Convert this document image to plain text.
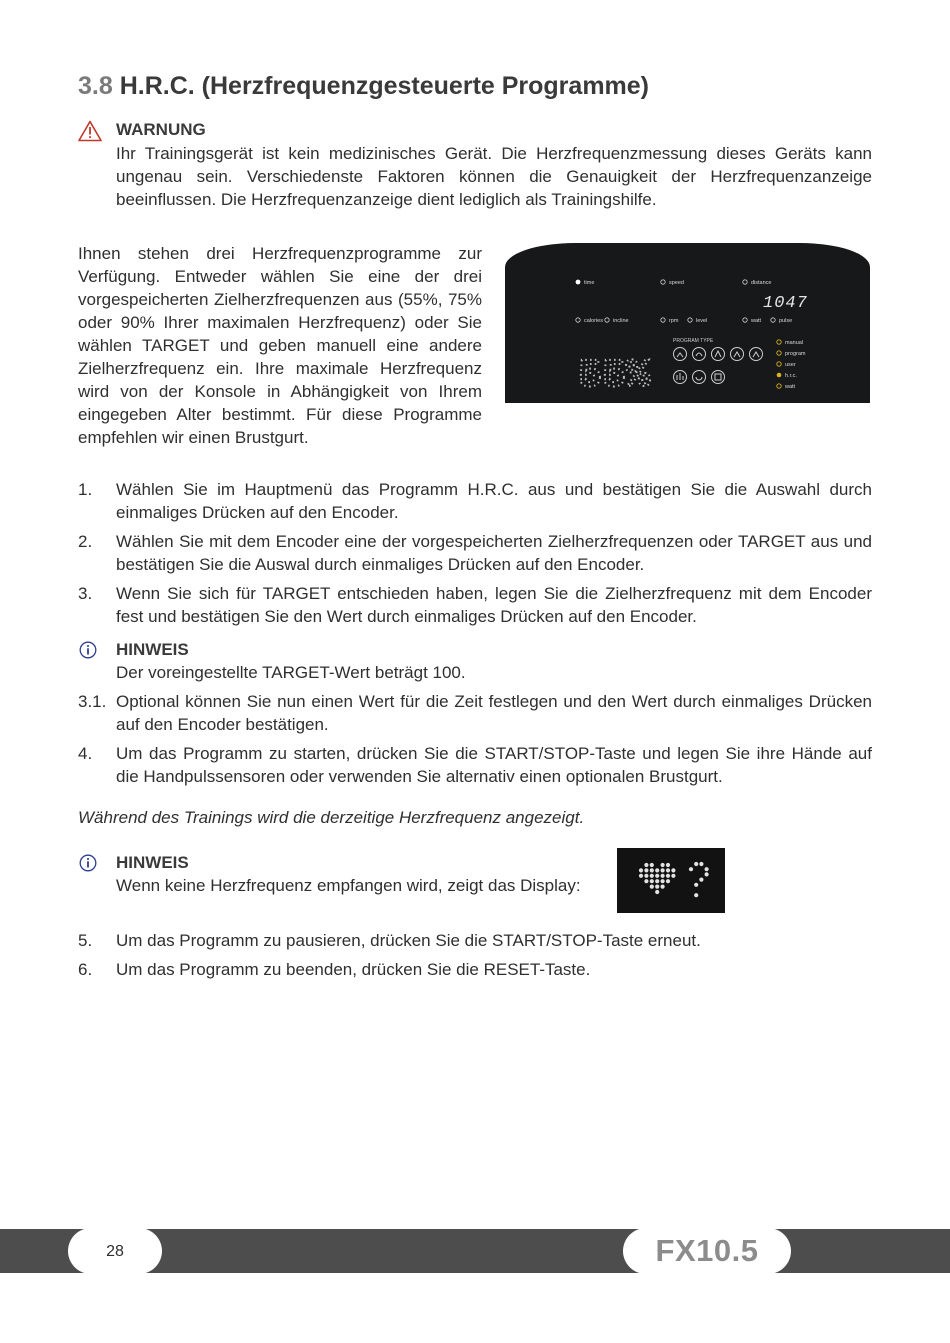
3.8 H.R.C. (Herzfrequenzgesteuerte Programme)
WARNUNG
Ihr Trainingsgerät ist kein medizinisches Gerät. Die Herzfrequenzmessung dieses Geräts kann ungenau sein. Verschiedenste Faktoren können die Genauigkeit der Herzfrequenzanzeige beeinflussen. Die Herzfrequenzanzeige dient lediglich als Trainingshilfe.

Ihnen stehen drei Herzfrequenzprogramme zur Verfügung. Entweder wählen Sie eine der drei vorgespeicherten Zielherzfrequenzen aus (55%, 75% oder 90% Ihrer maximalen Herzfrequenz) oder Sie wählen TARGET und geben manuell eine andere Zielherzfrequenz ein. Ihre maximale Herzfrequenz wird von der Konsole in Abhängigkeit von Ihrem eingegeben Alter bestimmt. Für diese Programme empfehlen wir einen Brustgurt.

time	speed	distance
calories incline	rpm	level	watt	pulse
PROGRAM TYPE
1047
55%
manual
program
user
h.r.c.
watt
1.	Wählen Sie im Hauptmenü das Programm H.R.C. aus und bestätigen Sie die Auswahl durch einmaliges Drücken auf den Encoder.
2.	Wählen Sie mit dem Encoder eine der vorgespeicherten Zielherzfrequenzen oder TARGET aus und bestätigen Sie die Auswal durch einmaliges Drücken auf den Encoder.
3.	Wenn Sie sich für TARGET entschieden haben, legen Sie die Zielherzfrequenz mit dem Encoder fest und bestätigen Sie den Wert durch einmaliges Drücken auf den Encoder.
HINWEIS
Der voreingestellte TARGET-Wert beträgt 100.
3.1. Optional können Sie nun einen Wert für die Zeit festlegen und den Wert durch einmaliges Drücken auf den Encoder bestätigen.
4.	Um das Programm zu starten, drücken Sie die START/STOP-Taste und legen Sie ihre Hände auf die Handpulssensoren oder verwenden Sie alternativ einen optionalen Brustgurt.

Während des Trainings wird die derzeitige Herzfrequenz angezeigt.

HINWEIS
Wenn keine Herzfrequenz empfangen wird, zeigt das Display:
5.	Um das Programm zu pausieren, drücken Sie die START/STOP-Taste erneut.
6.	Um das Programm zu beenden, drücken Sie die RESET-Taste.
28	FX10.5
